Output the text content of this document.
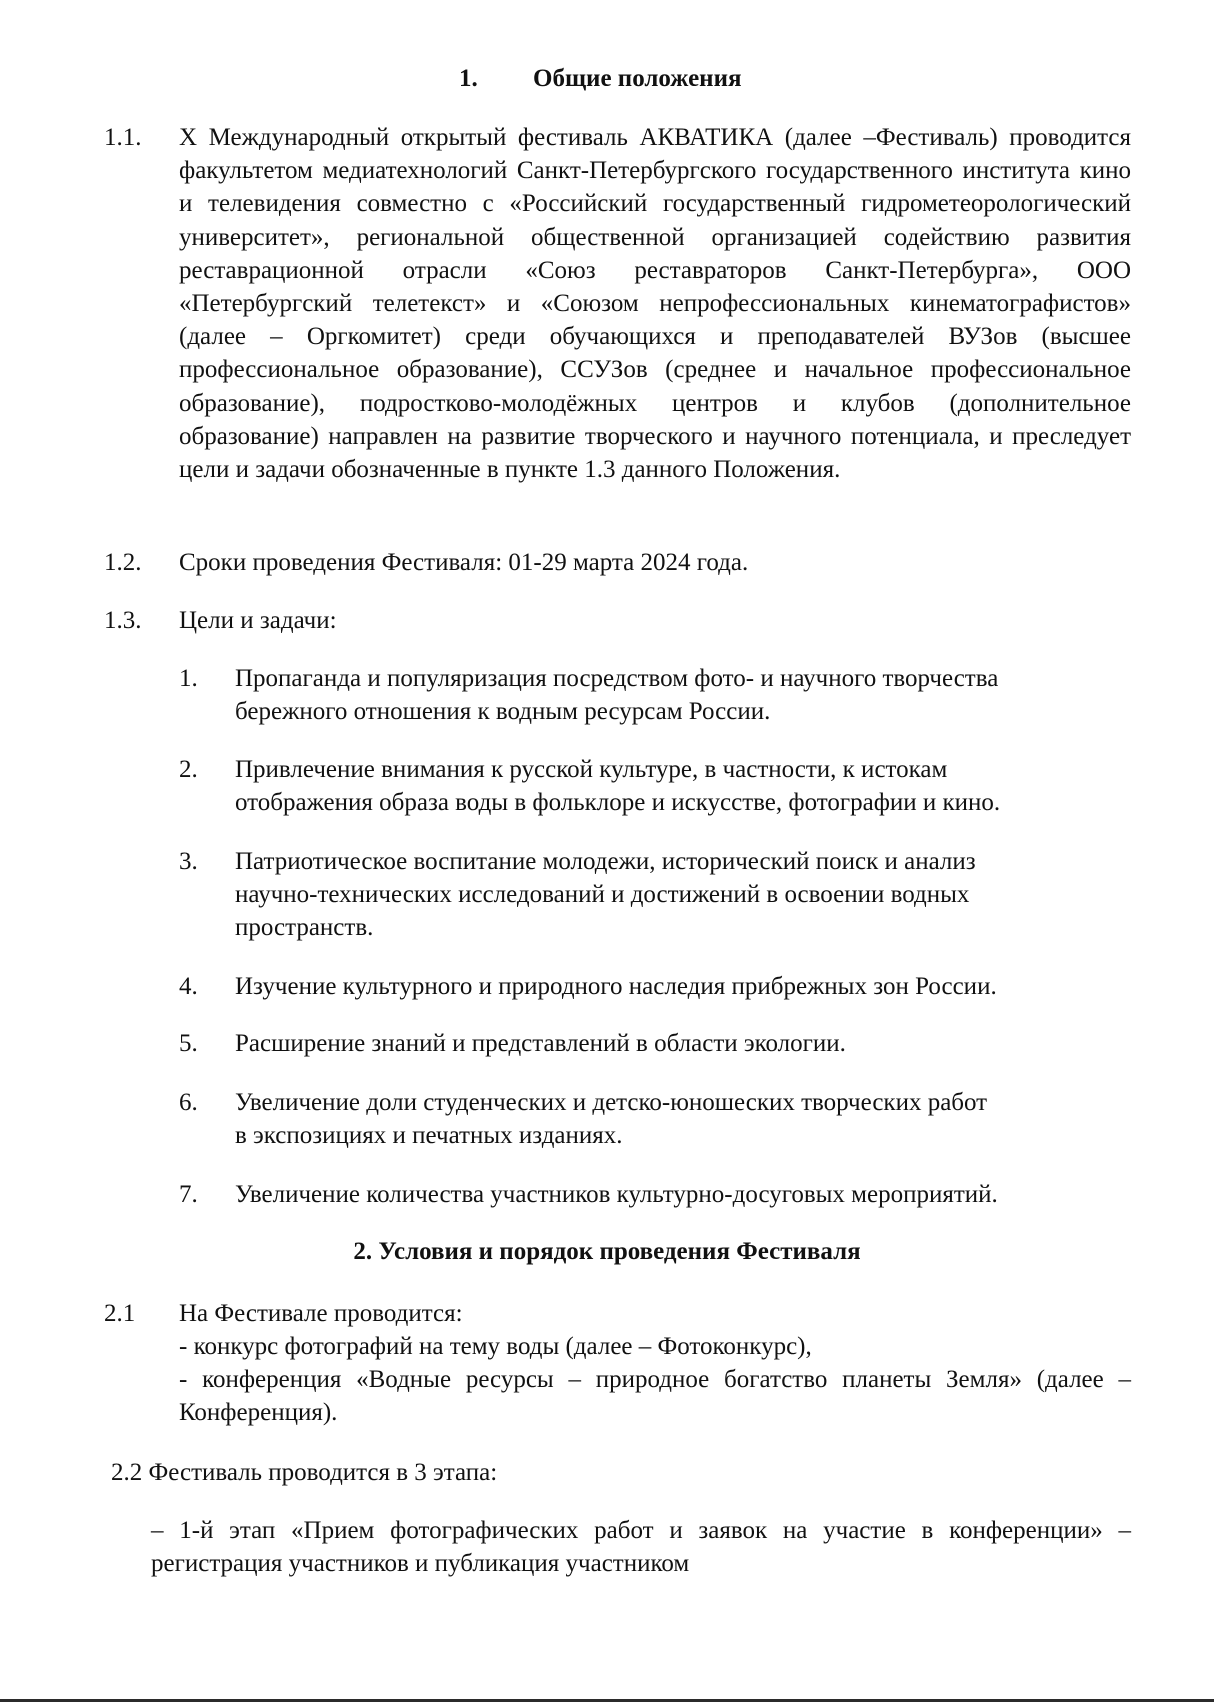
1. Общие положения
1.1. X Международный открытый фестиваль АКВАТИКА (далее –Фестиваль) проводится факультетом медиатехнологий Санкт-Петербургского государственного института кино и телевидения совместно с «Российский государственный гидрометеорологический университет», региональной общественной организацией содействию развития реставрационной отрасли «Союз реставраторов Санкт-Петербурга», ООО «Петербургский телетекст» и «Союзом непрофессиональных кинематографистов» (далее – Оргкомитет) среди обучающихся и преподавателей ВУЗов (высшее профессиональное образование), ССУЗов (среднее и начальное профессиональное образование), подростково-молодёжных центров и клубов (дополнительное образование) направлен на развитие творческого и научного потенциала, и преследует цели и задачи обозначенные в пункте 1.3 данного Положения.
1.2. Сроки проведения Фестиваля: 01-29 марта 2024 года.
1.3. Цели и задачи:
1. Пропаганда и популяризация посредством фото- и научного творчества
бережного отношения к водным ресурсам России.
2. Привлечение внимания к русской культуре, в частности, к истокам
отображения образа воды в фольклоре и искусстве, фотографии и кино.
3. Патриотическое воспитание молодежи, исторический поиск и анализ
научно-технических исследований и достижений в освоении водных
пространств.
4. Изучение культурного и природного наследия прибрежных зон России.
5. Расширение знаний и представлений в области экологии.
6. Увеличение доли студенческих и детско-юношеских творческих работ
в экспозициях и печатных изданиях.
7. Увеличение количества участников культурно-досуговых мероприятий.
2. Условия и порядок проведения Фестиваля
2.1 На Фестивале проводится:
- конкурс фотографий на тему воды (далее – Фотоконкурс),
- конференция «Водные ресурсы – природное богатство планеты Земля» (далее – Конференция).
2.2 Фестиваль проводится в 3 этапа:
– 1-й этап «Прием фотографических работ и заявок на участие в конференции» – регистрация участников и публикация участником
